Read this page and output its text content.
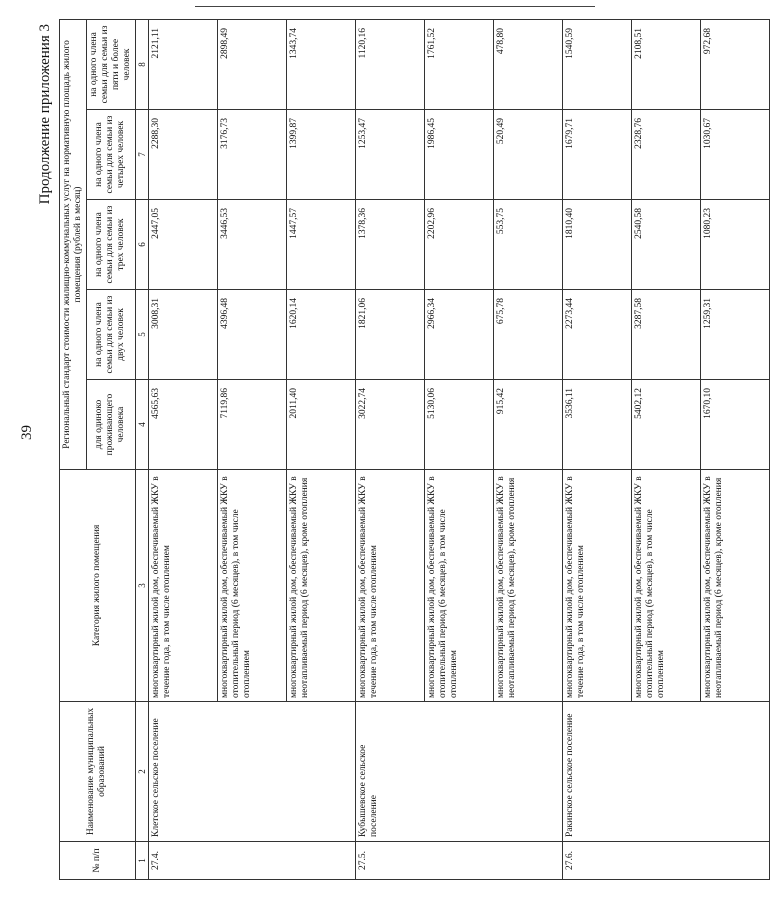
39
Продолжение приложения 3
№ п/п	Наименование муниципальных образований	Категория жилого помещения	Региональный стандарт стоимости жилищно-коммунальных услуг на нормативную площадь жилого помещения (рублей в месяц)				
			для одиноко проживающего человека	на одного члена семьи для семьи из двух человек	на одного члена семьи для семьи из трех человек	на одного члена семьи для семьи из четырех человек	на одного члена семьи для семьи из пяти и более человек
1	2	3	4	5	6	7	8
27.4.	Клетское сельское поселение	многоквартирный жилой дом, обеспечиваемый ЖКУ в течение года, в том числе отоплением	4565,63	3008,31	2447,05	2288,30	2121,11
		многоквартирный жилой дом, обеспечиваемый ЖКУ в отопительный период (6 месяцев), в том числе отоплением	7119,86	4396,48	3446,53	3176,73	2898,49
		многоквартирный жилой дом, обеспечиваемый ЖКУ в неотапливаемый период (6 месяцев), кроме отопления	2011,40	1620,14	1447,57	1399,87	1343,74
27.5.	Кубышевское сельское поселение	многоквартирный жилой дом, обеспечиваемый ЖКУ в течение года, в том числе отоплением	3022,74	1821,06	1378,36	1253,47	1120,16
		многоквартирный жилой дом, обеспечиваемый ЖКУ в отопительный период (6 месяцев), в том числе отоплением	5130,06	2966,34	2202,96	1986,45	1761,52
		многоквартирный жилой дом, обеспечиваемый ЖКУ в неотапливаемый период (6 месяцев), кроме отопления	915,42	675,78	553,75	520,49	478,80
27.6.	Ракинское сельское поселение	многоквартирный жилой дом, обеспечиваемый ЖКУ в течение года, в том числе отоплением	3536,11	2273,44	1810,40	1679,71	1540,59
		многоквартирный жилой дом, обеспечиваемый ЖКУ в отопительный период (6 месяцев), в том числе отоплением	5402,12	3287,58	2540,58	2328,76	2108,51
		многоквартирный жилой дом, обеспечиваемый ЖКУ в неотапливаемый период (6 месяцев), кроме отопления	1670,10	1259,31	1080,23	1030,67	972,68
